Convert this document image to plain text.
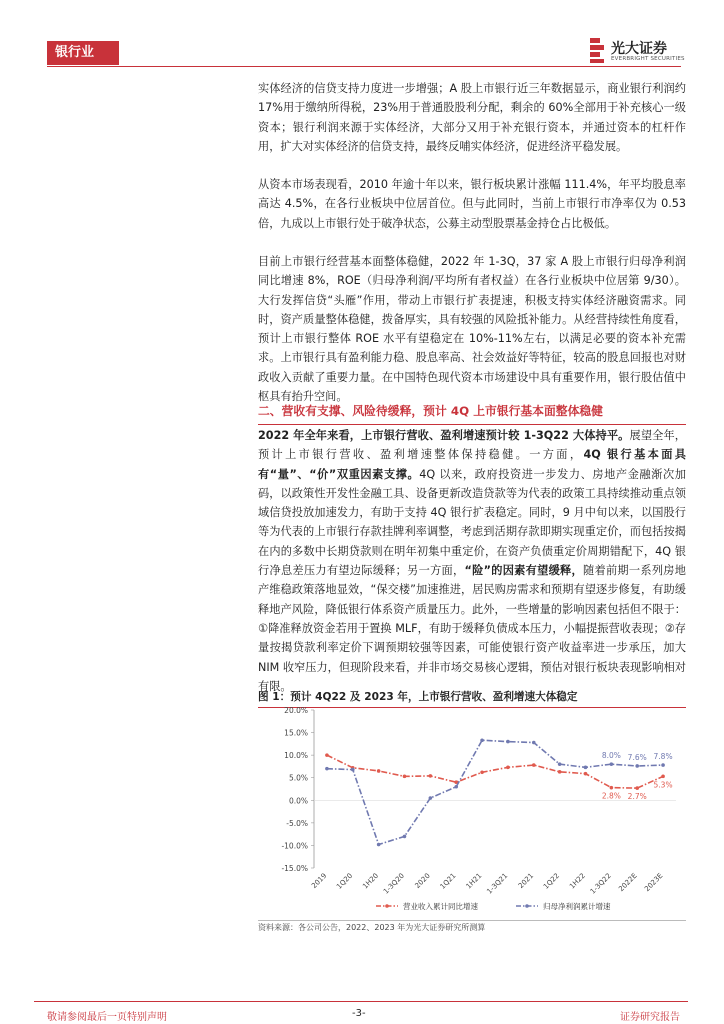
银行业	光大证券
EVERBRIGHT SECURITIES
实体经济的信贷支持力度进一步增强；A 股上市银行近三年数据显示，商业银行利润约 17%用于缴纳所得税，23%用于普通股股利分配，剩余的 60%全部用于补充核心一级资本；银行利润来源于实体经济，大部分又用于补充银行资本，并通过资本的杠杆作用，扩大对实体经济的信贷支持，最终反哺实体经济，促进经济平稳发展。
从资本市场表现看，2010 年逾十年以来，银行板块累计涨幅 111.4%，年平均股息率高达 4.5%，在各行业板块中位居首位。但与此同时，当前上市银行市净率仅为 0.53 倍，九成以上市银行处于破净状态，公募主动型股票基金持仓占比极低。
目前上市银行经营基本面整体稳健，2022 年 1-3Q，37 家 A 股上市银行归母净利润同比增速 8%，ROE（归母净利润/平均所有者权益）在各行业板块中位居第 9/30）。大行发挥信贷“头雁”作用，带动上市银行扩表提速，积极支持实体经济融资需求。同时，资产质量整体稳健，拨备厚实，具有较强的风险抵补能力。从经营持续性角度看，预计上市银行整体 ROE 水平有望稳定在 10%-11%左右，以满足必要的资本补充需求。上市银行具有盈利能力稳、股息率高、社会效益好等特征，较高的股息回报也对财政收入贡献了重要力量。在中国特色现代资本市场建设中具有重要作用，银行股估值中枢具有抬升空间。
二、营收有支撑、风险待缓释，预计 4Q 上市银行基本面整体稳健
2022 年全年来看，上市银行营收、盈利增速预计较 1-3Q22 大体持平。展望全年，预计上市银行营收、盈利增速整体保持稳健。一方面，4Q 银行基本面具有“量”、“价”双重因素支撑。4Q 以来，政府投资进一步发力、房地产金融渐次加码，以政策性开发性金融工具、设备更新改造贷款等为代表的政策工具持续推动重点领域信贷投放加速发力，有助于支持 4Q 银行扩表稳定。同时，9 月中旬以来，以国股行等为代表的上市银行存款挂牌利率调整，考虑到活期存款即期实现重定价，而包括按揭在内的多数中长期贷款则在明年初集中重定价，在资产负债重定价周期错配下，4Q 银行净息差压力有望边际缓释；另一方面，“险”的因素有望缓释，随着前期一系列房地产维稳政策落地显效，“保交楼”加速推进，居民购房需求和预期有望逐步修复，有助缓释地产风险，降低银行体系资产质量压力。此外，一些增量的影响因素包括但不限于：①降准释放资金若用于置换 MLF，有助于缓释负债成本压力，小幅提振营收表现；②存量按揭贷款利率定价下调预期较强等因素，可能使银行资产收益率进一步承压，加大 NIM 收窄压力，但现阶段来看，并非市场交易核心逻辑，预估对银行板块表现影响相对有限。
图 1：预计 4Q22 及 2023 年，上市银行营收、盈利增速大体稳定
20.0%
15.0%
10.0%
5.0%
0.0%
-5.0%
-10.0%
-15.0%
2019 1Q20 1H20 1-3Q20 2020 1Q21 1H21 1-3Q21 2021 1Q22 1H22 1-3Q22 2022E 2023E
2.8% 2.7%
5.3%
8.0% 7.6% 7.8%
营业收入累计同比增速	归母净利润累计增速
资料来源：各公司公告，2022、2023 年为光大证券研究所测算
敬请参阅最后一页特别声明	-3-	证券研究报告
